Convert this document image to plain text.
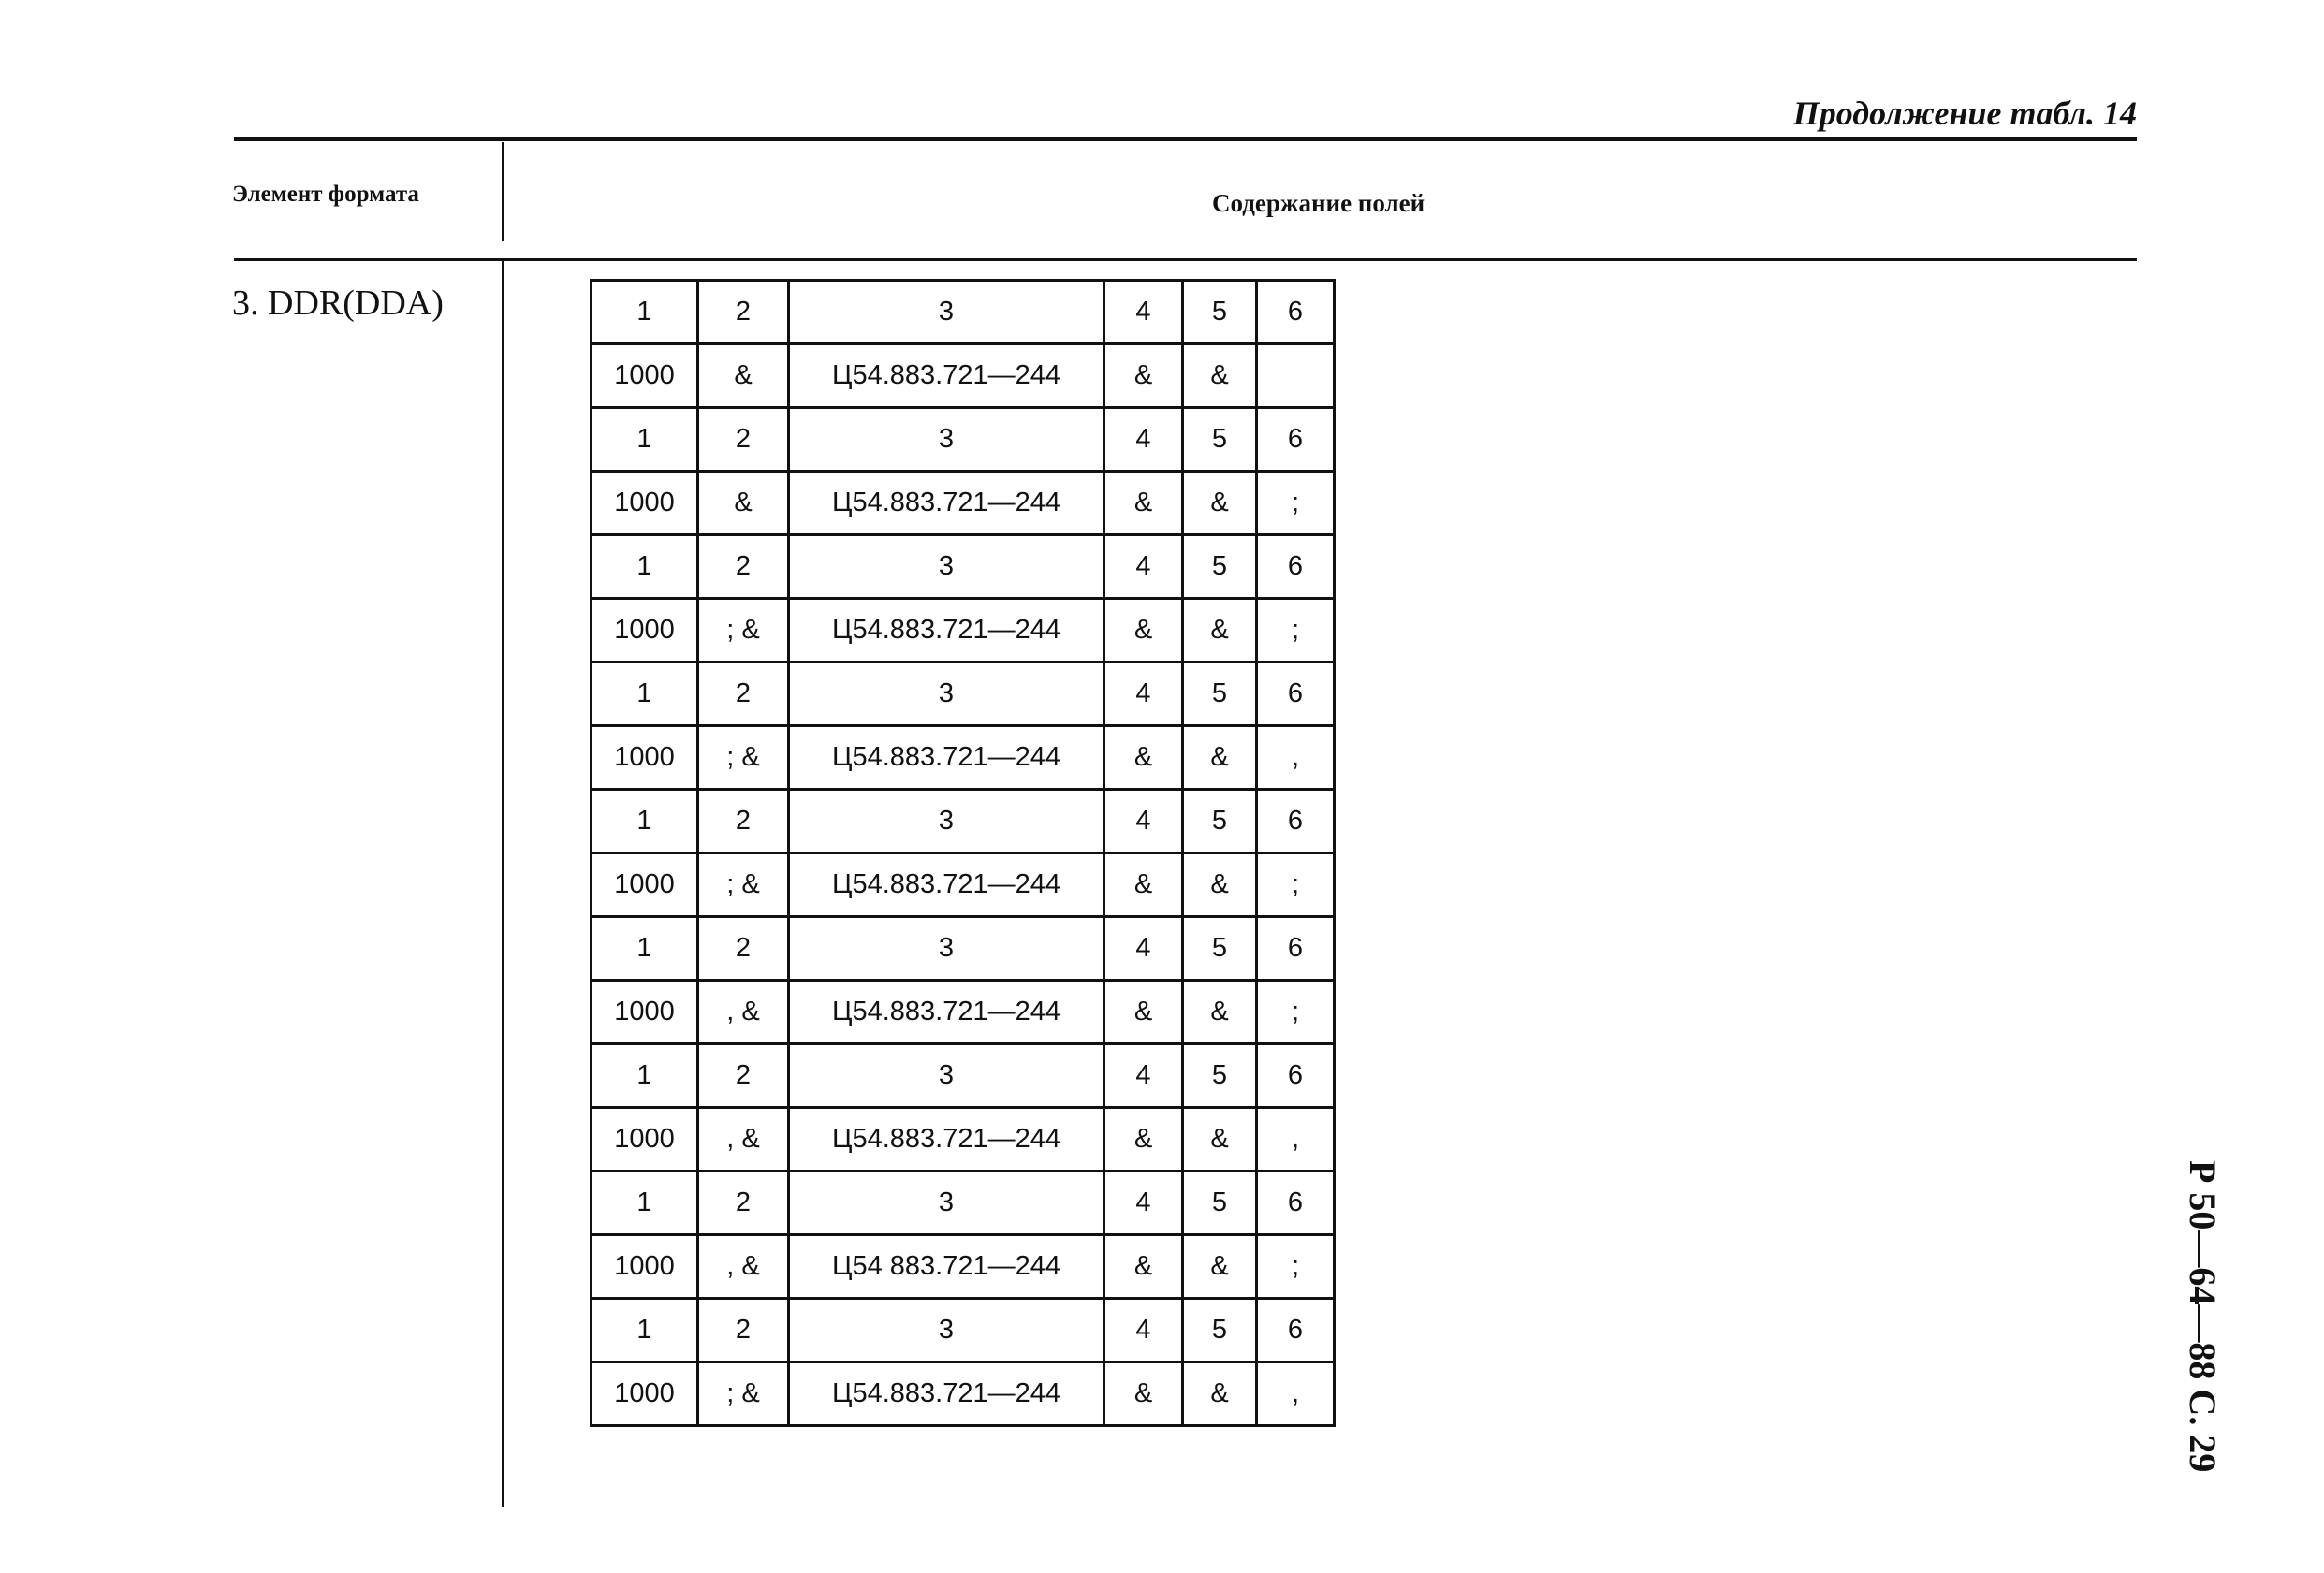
Продолжение табл. 14
Элемент формата	Содержание полей
3. DDR(DDA)	1	2	3	4	5	6
1000	&	Ц54.883.721—244	&	&	
1	2	3	4	5	6
1000	&	Ц54.883.721—244	&	&	;
1	2	3	4	5	6
1000	; &	Ц54.883.721—244	&	&	;
1	2	3	4	5	6
1000	; &	Ц54.883.721—244	&	&	,
1	2	3	4	5	6
1000	; &	Ц54.883.721—244	&	&	;
1	2	3	4	5	6
1000	, &	Ц54.883.721—244	&	&	;
1	2	3	4	5	6
1000	, &	Ц54.883.721—244	&	&	,
1	2	3	4	5	6
1000	, &	Ц54 883.721—244	&	&	;
1	2	3	4	5	6
1000	; &	Ц54.883.721—244	&	&	,	Р 50—64—88 С. 29
